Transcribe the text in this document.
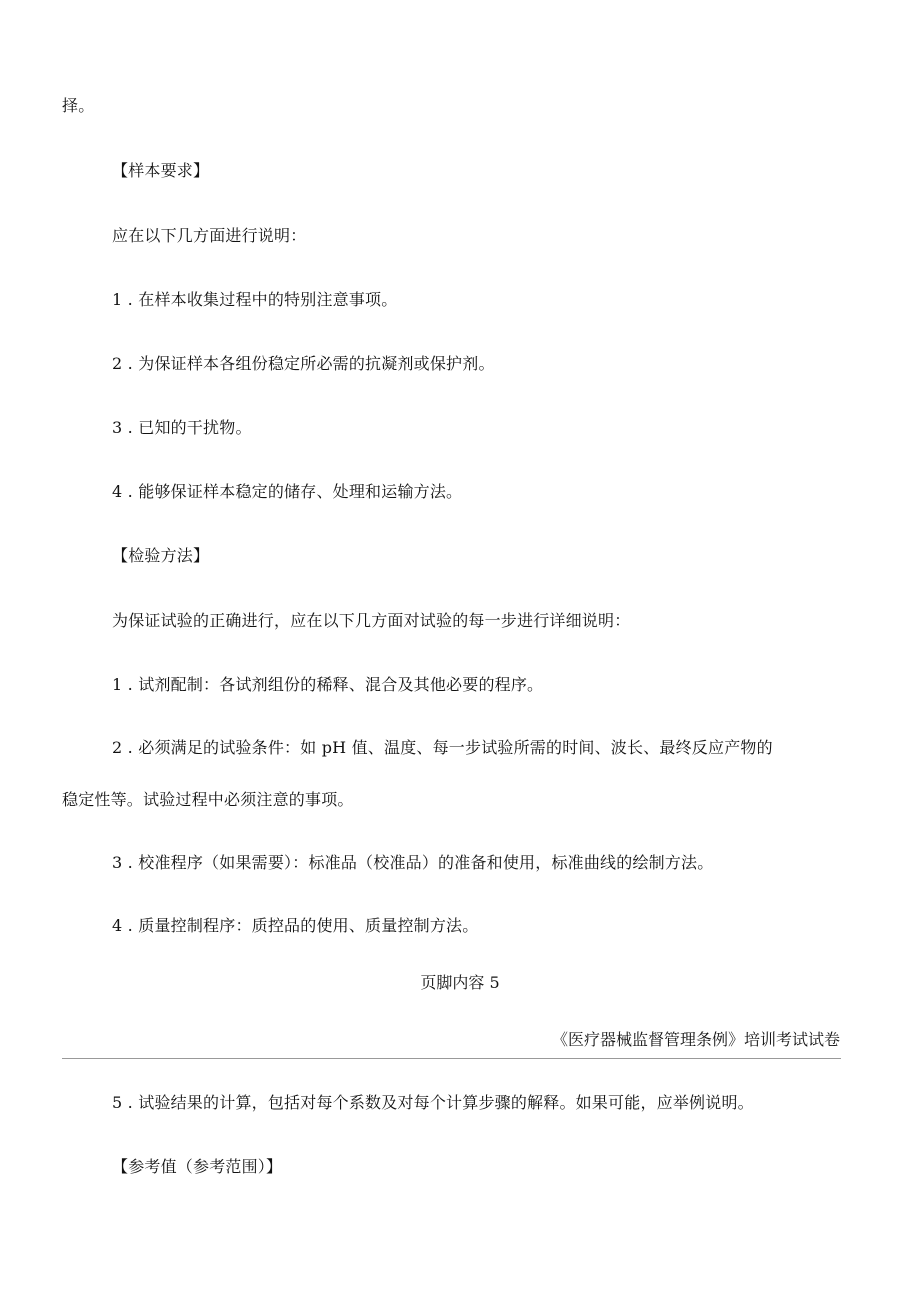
择。
【样本要求】
应在以下几方面进行说明：
1 . 在样本收集过程中的特别注意事项。
2 . 为保证样本各组份稳定所必需的抗凝剂或保护剂。
3 . 已知的干扰物。
4 . 能够保证样本稳定的储存、处理和运输方法。
【检验方法】
为保证试验的正确进行，应在以下几方面对试验的每一步进行详细说明：
1 . 试剂配制：各试剂组份的稀释、混合及其他必要的程序。
2 . 必须满足的试验条件：如 pH 值、温度、每一步试验所需的时间、波长、最终反应产物的
稳定性等。试验过程中必须注意的事项。
3 . 校准程序（如果需要）：标准品（校准品）的准备和使用，标准曲线的绘制方法。
4 . 质量控制程序：质控品的使用、质量控制方法。
页脚内容 5
《医疗器械监督管理条例》培训考试试卷
5 . 试验结果的计算，包括对每个系数及对每个计算步骤的解释。如果可能，应举例说明。
【参考值（参考范围）】
